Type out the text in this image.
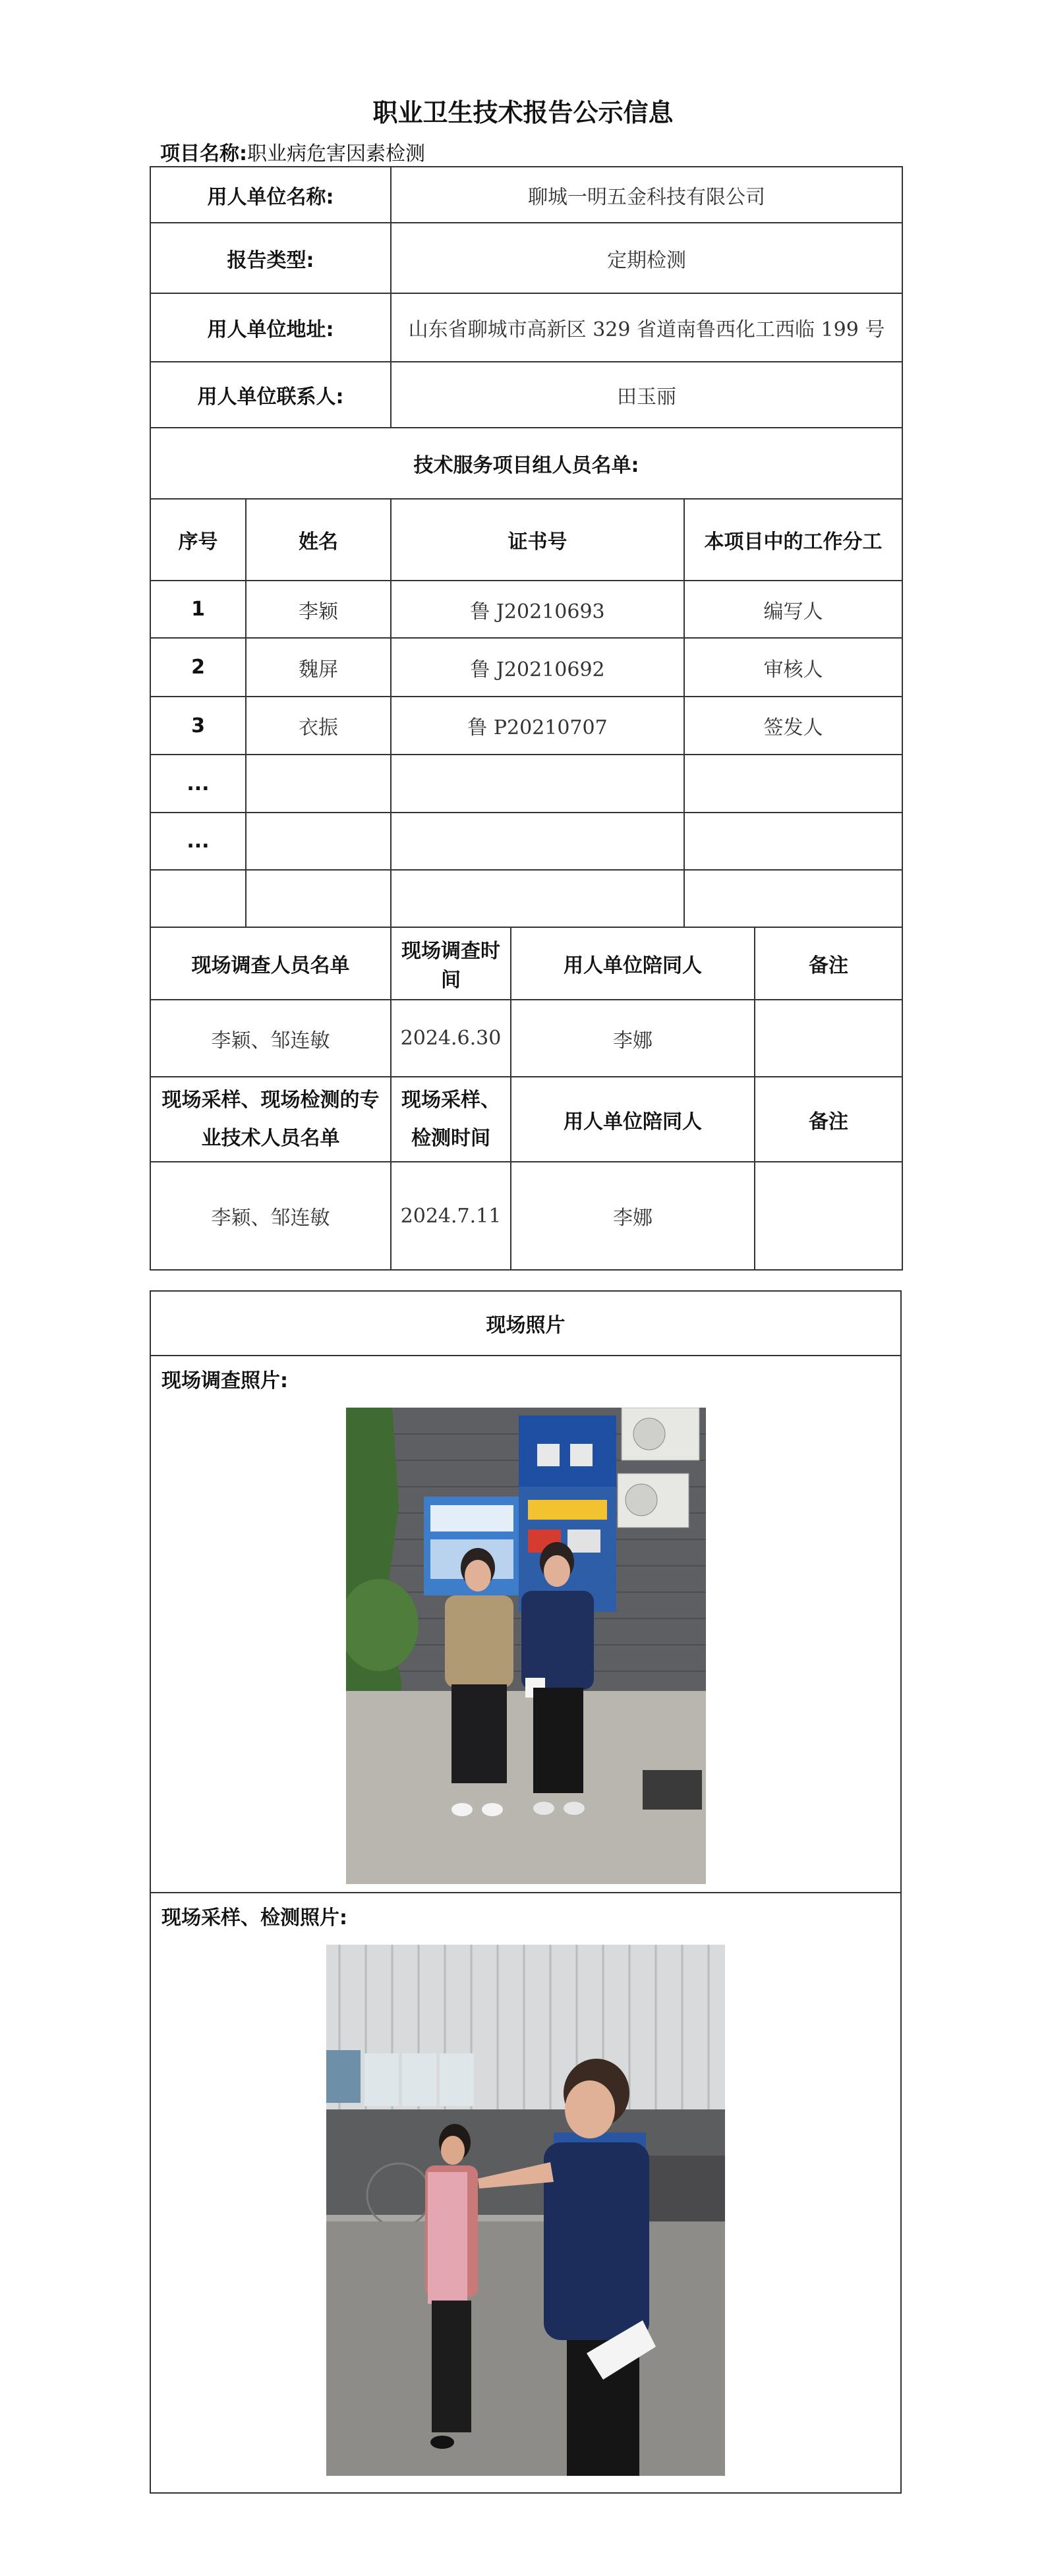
职业卫生技术报告公示信息
项目名称:职业病危害因素检测
用人单位名称:		聊城一明五金科技有限公司			
报告类型:		定期检测			
用人单位地址:		山东省聊城市高新区 329 省道南鲁西化工西临 199 号			
用人单位联系人:		田玉丽			
技术服务项目组人员名单:					
序号	姓名	证书号		本项目中的工作分工	
1	李颖	鲁 J20210693		编写人	
2	魏屏	鲁 J20210692		审核人	
3	衣振	鲁 P20210707		签发人	
...					
...					

现场调查人员名单		现场调查时间	用人单位陪同人		备注
李颖、邹连敏		2024.6.30	李娜		
现场采样、现场检测的专业技术人员名单		现场采样、检测时间	用人单位陪同人		备注
李颖、邹连敏		2024.7.11	李娜		
现场照片

现场调查照片:

现场采样、检测照片:
